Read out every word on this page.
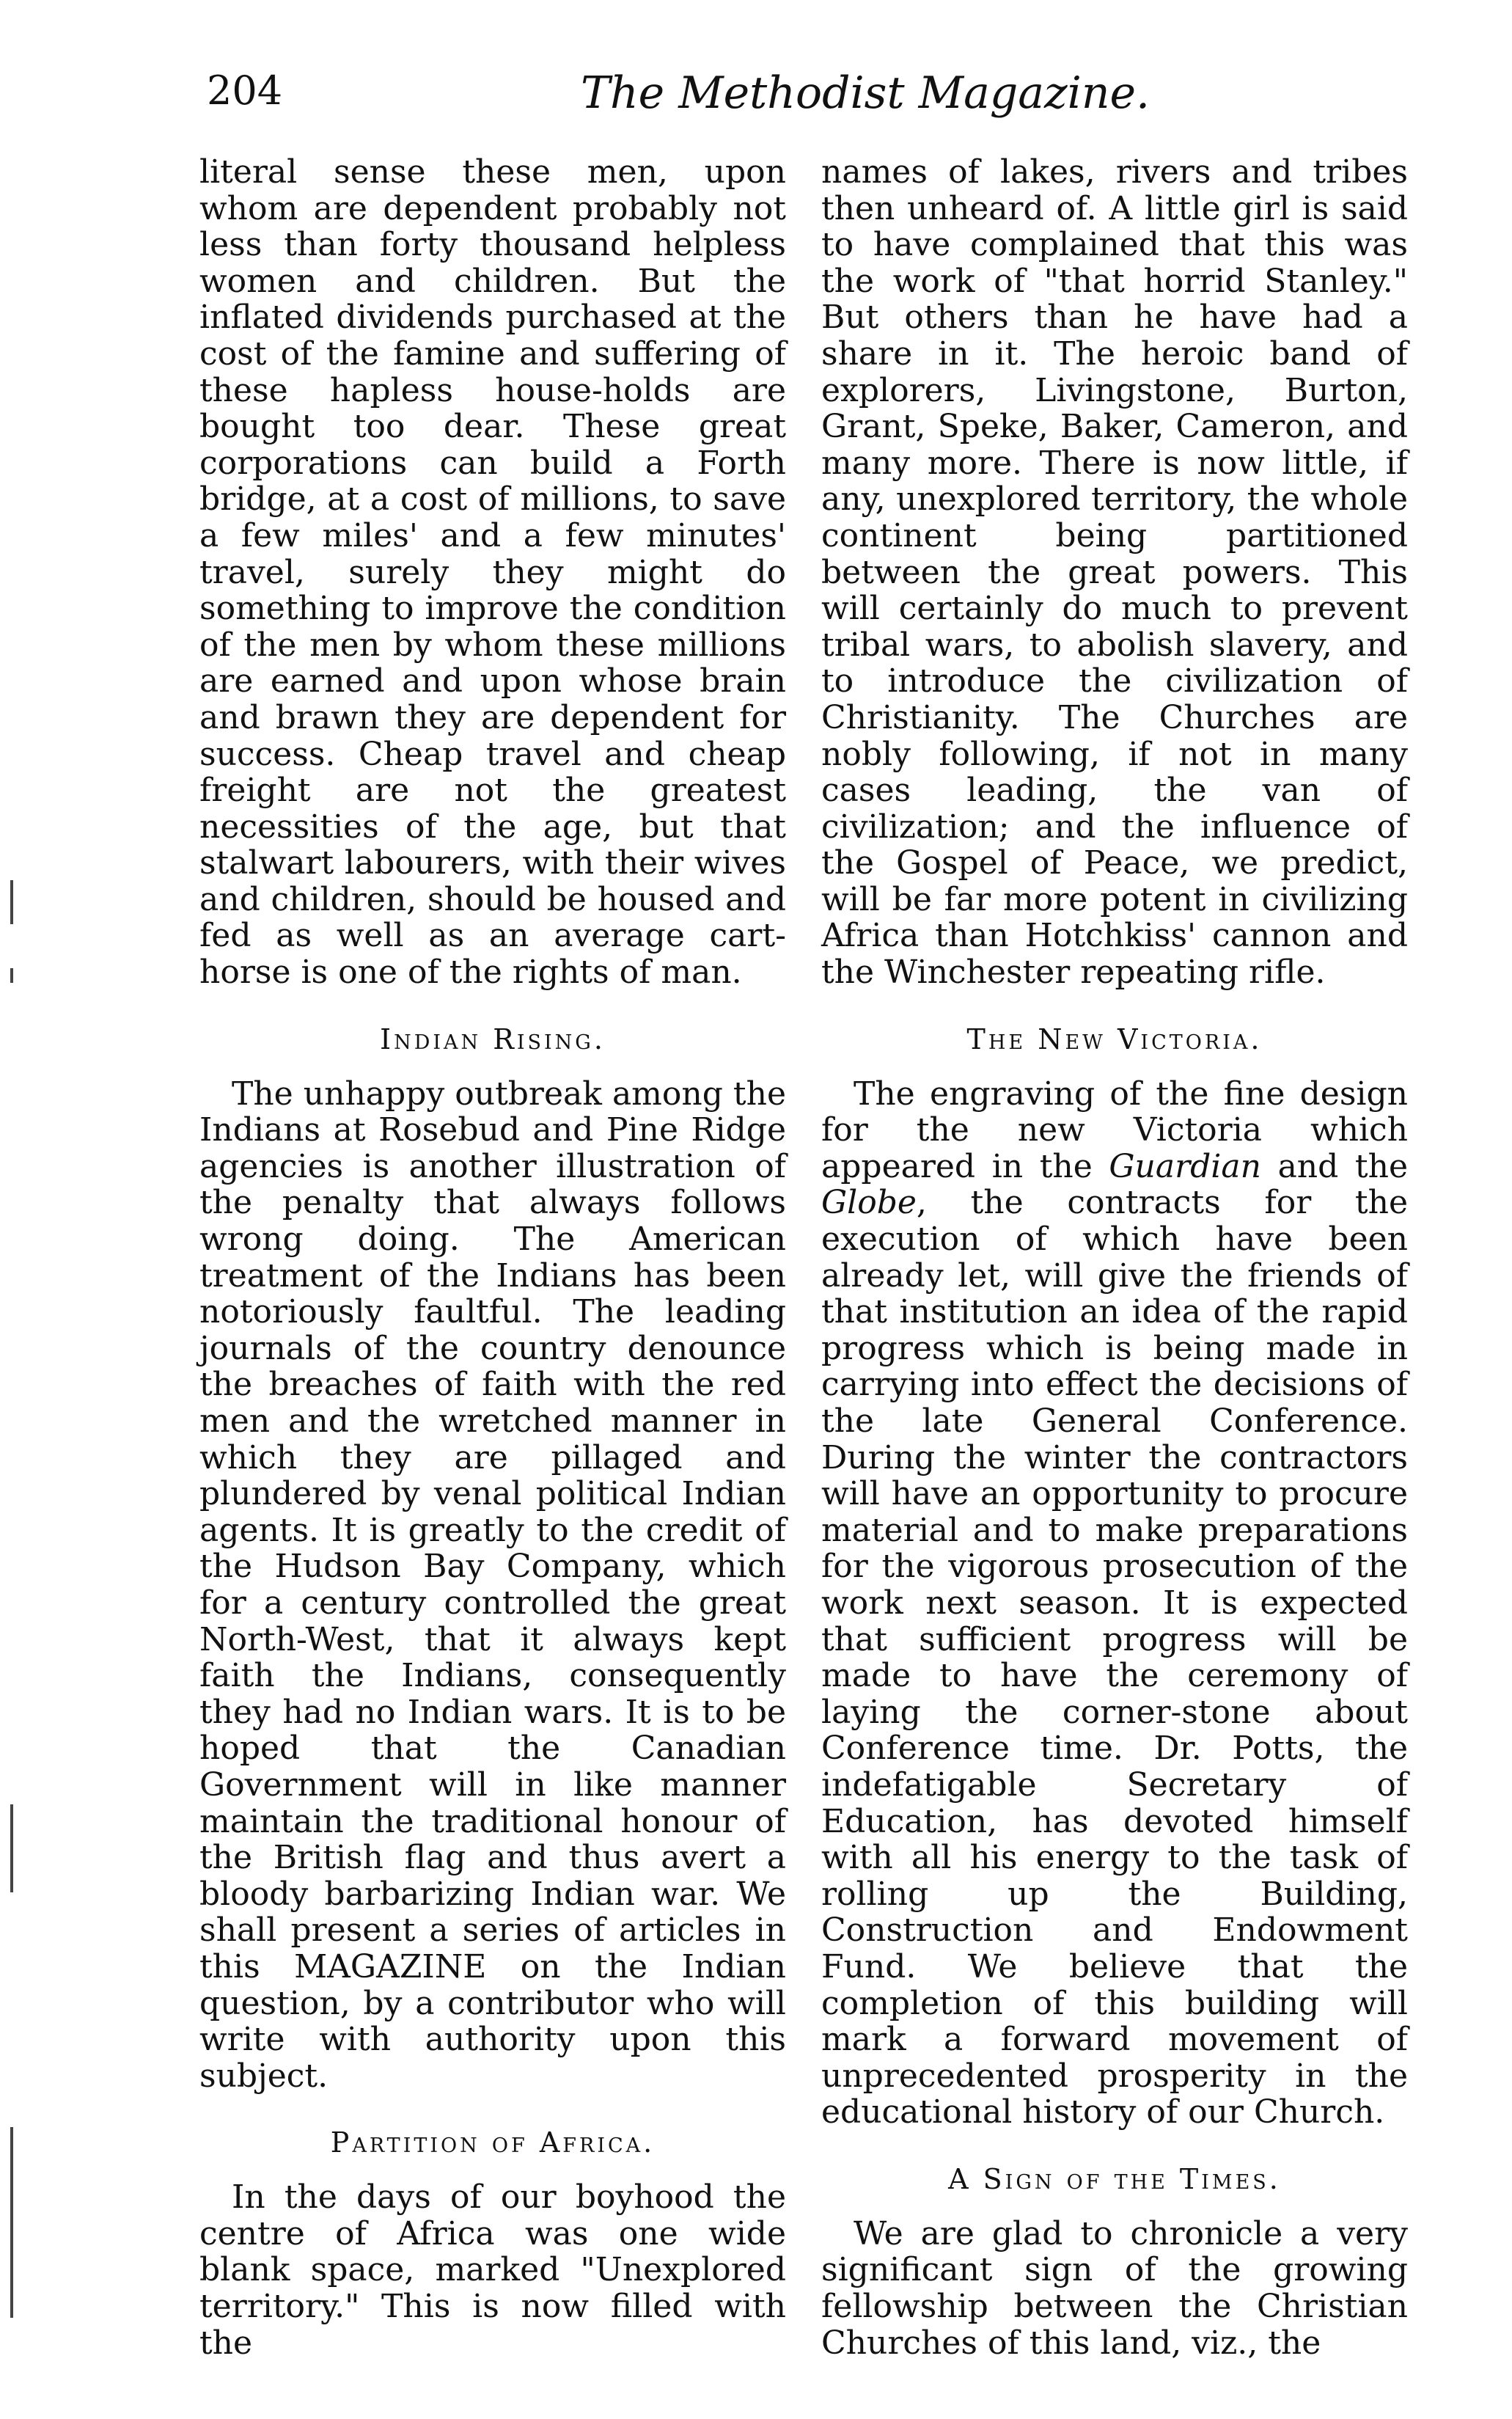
204	The Methodist Magazine.

literal sense these men, upon whom are dependent probably not less than forty thousand helpless women and children. But the inflated dividends purchased at the cost of the famine and suffering of these hapless house-holds are bought too dear. These great corporations can build a Forth bridge, at a cost of millions, to save a few miles' and a few minutes' travel, surely they might do something to improve the condition of the men by whom these millions are earned and upon whose brain and brawn they are dependent for success. Cheap travel and cheap freight are not the greatest necessities of the age, but that stalwart labourers, with their wives and children, should be housed and fed as well as an average cart-horse is one of the rights of man.

Indian Rising.

The unhappy outbreak among the Indians at Rosebud and Pine Ridge agencies is another illustration of the penalty that always follows wrong doing. The American treatment of the Indians has been notoriously faultful. The leading journals of the country denounce the breaches of faith with the red men and the wretched manner in which they are pillaged and plundered by venal political Indian agents. It is greatly to the credit of the Hudson Bay Company, which for a century controlled the great North-West, that it always kept faith the Indians, consequently they had no Indian wars. It is to be hoped that the Canadian Government will in like manner maintain the traditional honour of the British flag and thus avert a bloody barbarizing Indian war. We shall present a series of articles in this MAGAZINE on the Indian question, by a contributor who will write with authority upon this subject.

Partition of Africa.

In the days of our boyhood the centre of Africa was one wide blank space, marked "Unexplored territory." This is now filled with the

names of lakes, rivers and tribes then unheard of. A little girl is said to have complained that this was the work of "that horrid Stanley." But others than he have had a share in it. The heroic band of explorers, Livingstone, Burton, Grant, Speke, Baker, Cameron, and many more. There is now little, if any, unexplored territory, the whole continent being partitioned between the great powers. This will certainly do much to prevent tribal wars, to abolish slavery, and to introduce the civilization of Christianity. The Churches are nobly following, if not in many cases leading, the van of civilization; and the influence of the Gospel of Peace, we predict, will be far more potent in civilizing Africa than Hotchkiss' cannon and the Winchester repeating rifle.

The New Victoria.

The engraving of the fine design for the new Victoria which appeared in the Guardian and the Globe, the contracts for the execution of which have been already let, will give the friends of that institution an idea of the rapid progress which is being made in carrying into effect the decisions of the late General Conference. During the winter the contractors will have an opportunity to procure material and to make preparations for the vigorous prosecution of the work next season. It is expected that sufficient progress will be made to have the ceremony of laying the corner-stone about Conference time. Dr. Potts, the indefatigable Secretary of Education, has devoted himself with all his energy to the task of rolling up the Building, Construction and Endowment Fund. We believe that the completion of this building will mark a forward movement of unprecedented prosperity in the educational history of our Church.

A Sign of the Times.

We are glad to chronicle a very significant sign of the growing fellowship between the Christian Churches of this land, viz., the
